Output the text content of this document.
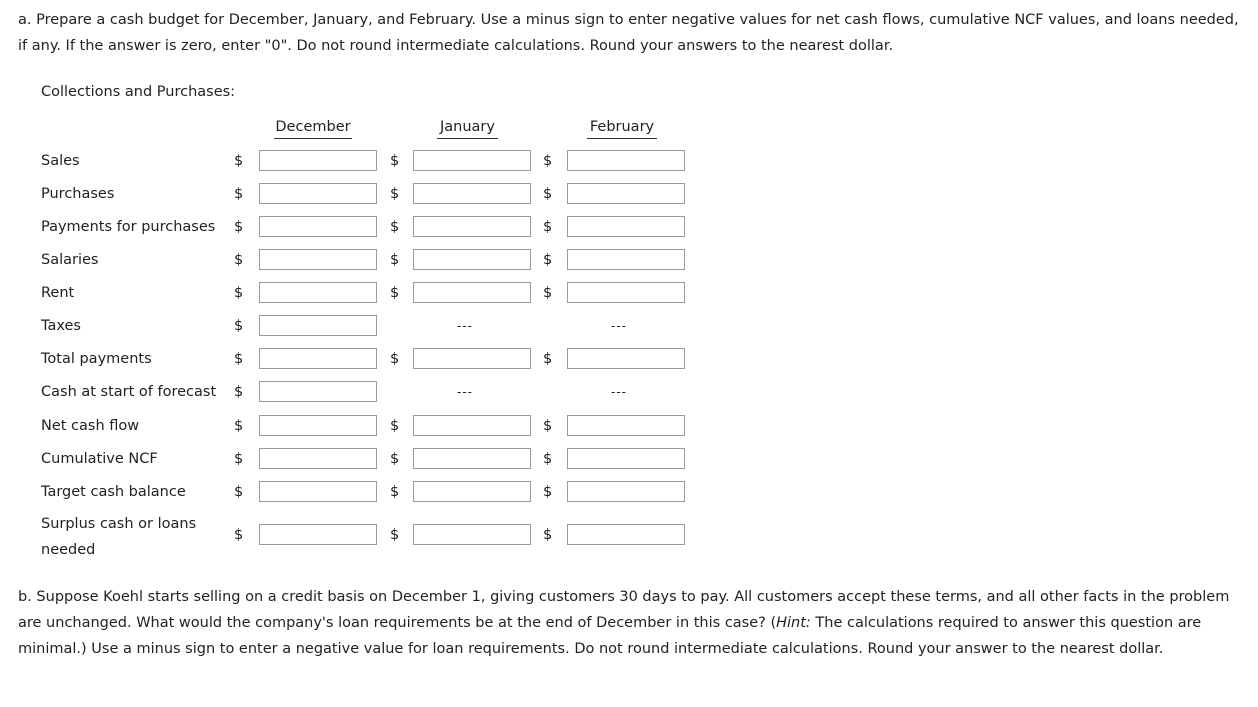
a. Prepare a cash budget for December, January, and February. Use a minus sign to enter negative values for net cash flows, cumulative NCF values, and loans needed, if any. If the answer is zero, enter "0". Do not round intermediate calculations. Round your answers to the nearest dollar.

Collections and Purchases:
December	January	February
Sales	$	$	$
Purchases	$	$	$
Payments for purchases $	$	$
Salaries	$	$	$
Rent	$	$	$
Taxes	$	---	---
Total payments	$	$	$
Cash at start of forecast $	---	---
Net cash flow	$	$	$
Cumulative NCF	$	$	$
Target cash balance	$	$	$
Surplus cash or loans needed
$	$	$

b. Suppose Koehl starts selling on a credit basis on December 1, giving customers 30 days to pay. All customers accept these terms, and all other facts in the problem are unchanged. What would the company's loan requirements be at the end of December in this case? (Hint: The calculations required to answer this question are minimal.) Use a minus sign to enter a negative value for loan requirements. Do not round intermediate calculations. Round your answer to the nearest dollar.
